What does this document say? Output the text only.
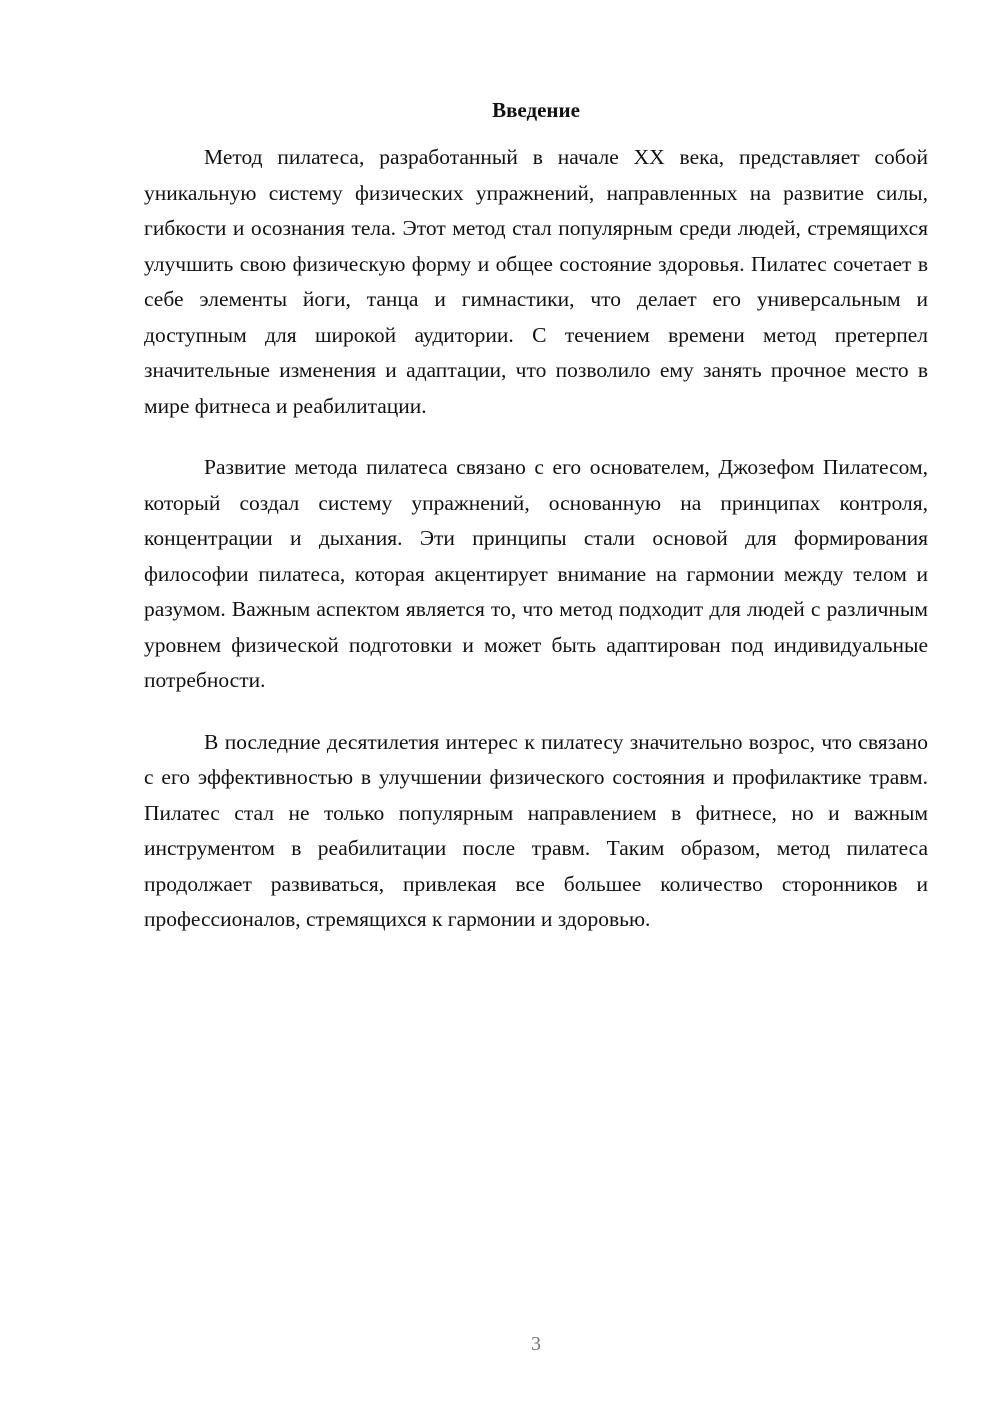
Введение

Метод пилатеса, разработанный в начале XX века, представляет собой уникальную систему физических упражнений, направленных на развитие силы, гибкости и осознания тела. Этот метод стал популярным среди людей, стремящихся улучшить свою физическую форму и общее состояние здоровья. Пилатес сочетает в себе элементы йоги, танца и гимнастики, что делает его универсальным и доступным для широкой аудитории. С течением времени метод претерпел значительные изменения и адаптации, что позволило ему занять прочное место в мире фитнеса и реабилитации.

Развитие метода пилатеса связано с его основателем, Джозефом Пилатесом, который создал систему упражнений, основанную на принципах контроля, концентрации и дыхания. Эти принципы стали основой для формирования философии пилатеса, которая акцентирует внимание на гармонии между телом и разумом. Важным аспектом является то, что метод подходит для людей с различным уровнем физической подготовки и может быть адаптирован под индивидуальные потребности.

В последние десятилетия интерес к пилатесу значительно возрос, что связано с его эффективностью в улучшении физического состояния и профилактике травм. Пилатес стал не только популярным направлением в фитнесе, но и важным инструментом в реабилитации после травм. Таким образом, метод пилатеса продолжает развиваться, привлекая все большее количество сторонников и профессионалов, стремящихся к гармонии и здоровью.

3
